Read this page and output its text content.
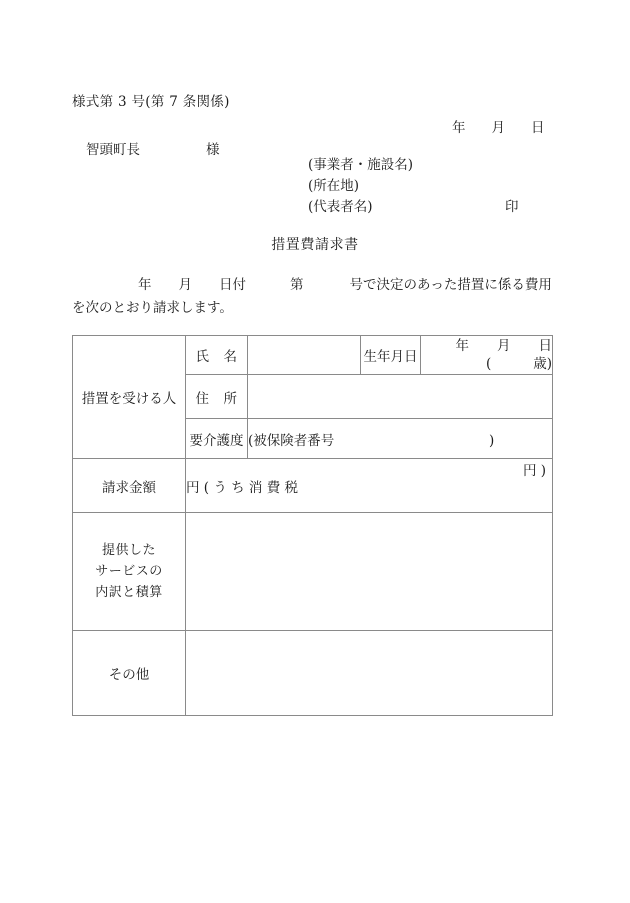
様式第 3 号(第 7 条関係)
年 月 日
智頭町長	様
(事業者・施設名)
(所在地)
(代表者名)	印
措置費請求書
年 月 日付	第	号で決定のあった措置に係る費用
を次のとおり請求します。
措置を受ける人	氏　名		生年月日	年 月 日
( 歳)

	住　所			
	要介護度	(被保険者番号 )		
請求金額	円 ( う ち 消 費 税
円 )			

提供した
サービスの
内訳と積算				

その他				
